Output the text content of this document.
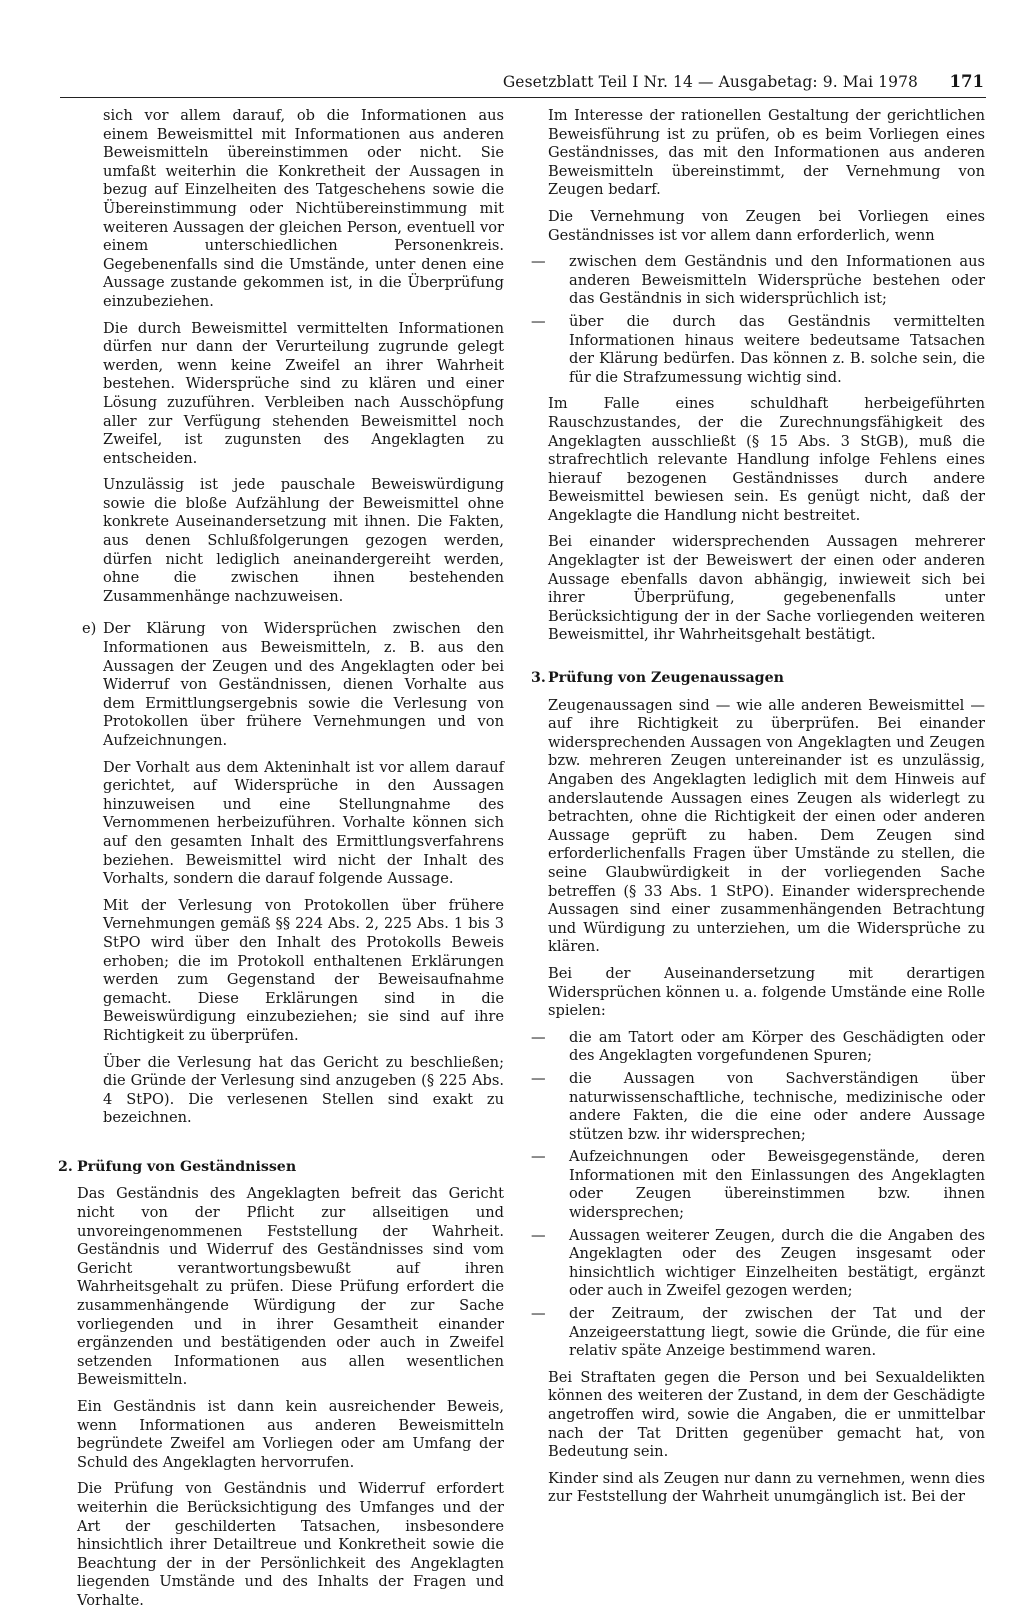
Gesetzblatt Teil I Nr. 14 — Ausgabetag: 9. Mai 1978 171

sich vor allem darauf, ob die Informationen aus einem Beweismittel mit Informationen aus anderen Beweismitteln übereinstimmen oder nicht. Sie umfaßt weiterhin die Konkretheit der Aussagen in bezug auf Einzelheiten des Tatgeschehens sowie die Übereinstimmung oder Nichtübereinstimmung mit weiteren Aussagen der gleichen Person, eventuell vor einem unterschiedlichen Personenkreis. Gegebenenfalls sind die Umstände, unter denen eine Aussage zustande gekommen ist, in die Überprüfung einzubeziehen.

Die durch Beweismittel vermittelten Informationen dürfen nur dann der Verurteilung zugrunde gelegt werden, wenn keine Zweifel an ihrer Wahrheit bestehen. Widersprüche sind zu klären und einer Lösung zuzuführen. Verbleiben nach Ausschöpfung aller zur Verfügung stehenden Beweismittel noch Zweifel, ist zugunsten des Angeklagten zu entscheiden.

Unzulässig ist jede pauschale Beweiswürdigung sowie die bloße Aufzählung der Beweismittel ohne konkrete Auseinandersetzung mit ihnen. Die Fakten, aus denen Schlußfolgerungen gezogen werden, dürfen nicht lediglich aneinandergereiht werden, ohne die zwischen ihnen bestehenden Zusammenhänge nachzuweisen.

e) Der Klärung von Widersprüchen zwischen den Informationen aus Beweismitteln, z. B. aus den Aussagen der Zeugen und des Angeklagten oder bei Widerruf von Geständnissen, dienen Vorhalte aus dem Ermittlungsergebnis sowie die Verlesung von Protokollen über frühere Vernehmungen und von Aufzeichnungen.

Der Vorhalt aus dem Akteninhalt ist vor allem darauf gerichtet, auf Widersprüche in den Aussagen hinzuweisen und eine Stellungnahme des Vernommenen herbeizuführen. Vorhalte können sich auf den gesamten Inhalt des Ermittlungsverfahrens beziehen. Beweismittel wird nicht der Inhalt des Vorhalts, sondern die darauf folgende Aussage.

Mit der Verlesung von Protokollen über frühere Vernehmungen gemäß §§ 224 Abs. 2, 225 Abs. 1 bis 3 StPO wird über den Inhalt des Protokolls Beweis erhoben; die im Protokoll enthaltenen Erklärungen werden zum Gegenstand der Beweisaufnahme gemacht. Diese Erklärungen sind in die Beweiswürdigung einzubeziehen; sie sind auf ihre Richtigkeit zu überprüfen.

Über die Verlesung hat das Gericht zu beschließen; die Gründe der Verlesung sind anzugeben (§ 225 Abs. 4 StPO). Die verlesenen Stellen sind exakt zu bezeichnen.

2. Prüfung von Geständnissen

Das Geständnis des Angeklagten befreit das Gericht nicht von der Pflicht zur allseitigen und unvoreingenommenen Feststellung der Wahrheit. Geständnis und Widerruf des Geständnisses sind vom Gericht verantwortungsbewußt auf ihren Wahrheitsgehalt zu prüfen. Diese Prüfung erfordert die zusammenhängende Würdigung der zur Sache vorliegenden und in ihrer Gesamtheit einander ergänzenden und bestätigenden oder auch in Zweifel setzenden Informationen aus allen wesentlichen Beweismitteln.

Ein Geständnis ist dann kein ausreichender Beweis, wenn Informationen aus anderen Beweismitteln begründete Zweifel am Vorliegen oder am Umfang der Schuld des Angeklagten hervorrufen.

Die Prüfung von Geständnis und Widerruf erfordert weiterhin die Berücksichtigung des Umfanges und der Art der geschilderten Tatsachen, insbesondere hinsichtlich ihrer Detailtreue und Konkretheit sowie die Beachtung der in der Persönlichkeit des Angeklagten liegenden Umstände und des Inhalts der Fragen und Vorhalte.

Im Interesse der rationellen Gestaltung der gerichtlichen Beweisführung ist zu prüfen, ob es beim Vorliegen eines Geständnisses, das mit den Informationen aus anderen Beweismitteln übereinstimmt, der Vernehmung von Zeugen bedarf.

Die Vernehmung von Zeugen bei Vorliegen eines Geständnisses ist vor allem dann erforderlich, wenn

— zwischen dem Geständnis und den Informationen aus anderen Beweismitteln Widersprüche bestehen oder das Geständnis in sich widersprüchlich ist;
— über die durch das Geständnis vermittelten Informationen hinaus weitere bedeutsame Tatsachen der Klärung bedürfen. Das können z. B. solche sein, die für die Strafzumessung wichtig sind.

Im Falle eines schuldhaft herbeigeführten Rauschzustandes, der die Zurechnungsfähigkeit des Angeklagten ausschließt (§ 15 Abs. 3 StGB), muß die strafrechtlich relevante Handlung infolge Fehlens eines hierauf bezogenen Geständnisses durch andere Beweismittel bewiesen sein. Es genügt nicht, daß der Angeklagte die Handlung nicht bestreitet.

Bei einander widersprechenden Aussagen mehrerer Angeklagter ist der Beweiswert der einen oder anderen Aussage ebenfalls davon abhängig, inwieweit sich bei ihrer Überprüfung, gegebenenfalls unter Berücksichtigung der in der Sache vorliegenden weiteren Beweismittel, ihr Wahrheitsgehalt bestätigt.

3. Prüfung von Zeugenaussagen

Zeugenaussagen sind — wie alle anderen Beweismittel — auf ihre Richtigkeit zu überprüfen. Bei einander widersprechenden Aussagen von Angeklagten und Zeugen bzw. mehreren Zeugen untereinander ist es unzulässig, Angaben des Angeklagten lediglich mit dem Hinweis auf anderslautende Aussagen eines Zeugen als widerlegt zu betrachten, ohne die Richtigkeit der einen oder anderen Aussage geprüft zu haben. Dem Zeugen sind erforderlichenfalls Fragen über Umstände zu stellen, die seine Glaubwürdigkeit in der vorliegenden Sache betreffen (§ 33 Abs. 1 StPO). Einander widersprechende Aussagen sind einer zusammenhängenden Betrachtung und Würdigung zu unterziehen, um die Widersprüche zu klären.

Bei der Auseinandersetzung mit derartigen Widersprüchen können u. a. folgende Umstände eine Rolle spielen:

— die am Tatort oder am Körper des Geschädigten oder des Angeklagten vorgefundenen Spuren;
— die Aussagen von Sachverständigen über naturwissenschaftliche, technische, medizinische oder andere Fakten, die die eine oder andere Aussage stützen bzw. ihr widersprechen;
— Aufzeichnungen oder Beweisgegenstände, deren Informationen mit den Einlassungen des Angeklagten oder Zeugen übereinstimmen bzw. ihnen widersprechen;
— Aussagen weiterer Zeugen, durch die die Angaben des Angeklagten oder des Zeugen insgesamt oder hinsichtlich wichtiger Einzelheiten bestätigt, ergänzt oder auch in Zweifel gezogen werden;
— der Zeitraum, der zwischen der Tat und der Anzeigeerstattung liegt, sowie die Gründe, die für eine relativ späte Anzeige bestimmend waren.

Bei Straftaten gegen die Person und bei Sexualdelikten können des weiteren der Zustand, in dem der Geschädigte angetroffen wird, sowie die Angaben, die er unmittelbar nach der Tat Dritten gegenüber gemacht hat, von Bedeutung sein.

Kinder sind als Zeugen nur dann zu vernehmen, wenn dies zur Feststellung der Wahrheit unumgänglich ist. Bei der
